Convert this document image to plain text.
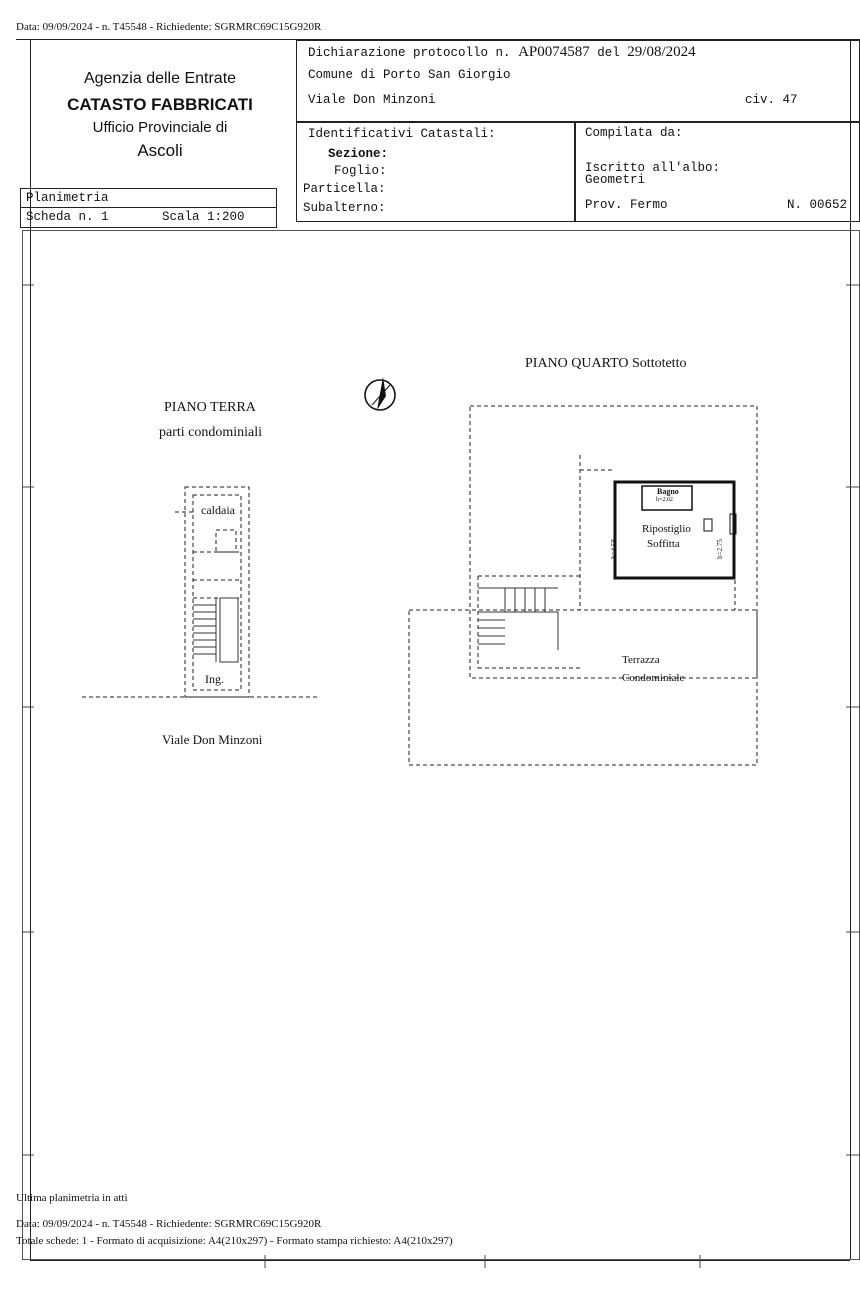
Data: 09/09/2024 - n. T45548 - Richiedente: SGRMRC69C15G920R
Agenzia delle Entrate
CATASTO FABBRICATI
Ufficio Provinciale di
Ascoli
Planimetria
Scheda n. 1	Scala 1:200
Dichiarazione protocollo n. AP0074587 del 29/08/2024
Comune di Porto San Giorgio
Viale Don Minzoni	civ. 47
Identificativi Catastali:
Sezione:
Foglio:
Particella:
Subalterno:
Compilata da:
Iscritto all'albo:
Geometri
Prov. Fermo	N. 00652
PIANO TERRA
parti condominiali
caldaia
Ing.
Viale Don Minzoni
PIANO QUARTO Sottotetto
Bagno
h=2.02
Ripostiglio
Soffitta
h=4.58	h=2.75
Terrazza
Condominiale
Ultima planimetria in atti
Data: 09/09/2024 - n. T45548 - Richiedente: SGRMRC69C15G920R
Totale schede: 1 - Formato di acquisizione: A4(210x297) - Formato stampa richiesto: A4(210x297)
